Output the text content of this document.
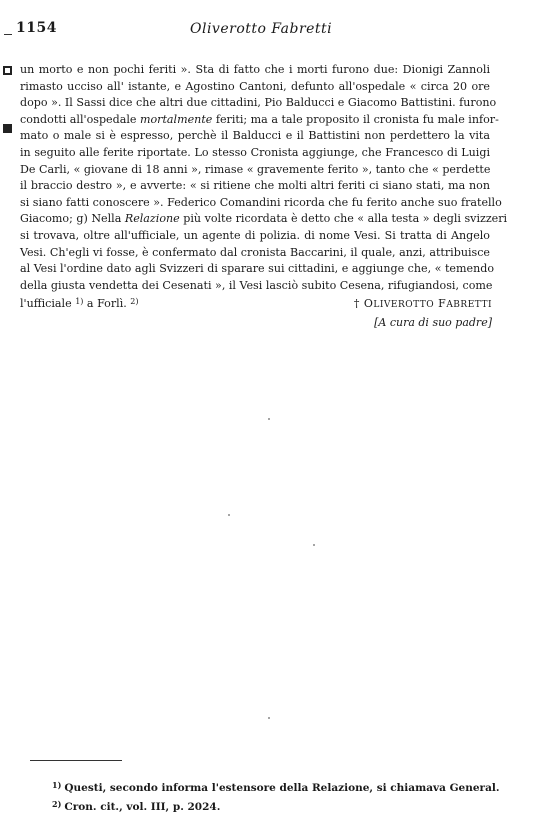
1154	Oliverotto Fabretti
un morto e non pochi feriti ». Sta di fatto che i morti furono due: Dionigi Zannoli
rimasto ucciso all' istante, e Agostino Cantoni, defunto all'ospedale « circa 20 ore
dopo ». Il Sassi dice che altri due cittadini, Pio Balducci e Giacomo Battistini. furono
condotti all'ospedale mortalmente feriti; ma a tale proposito il cronista fu male infor-
mato o male si è espresso, perchè il Balducci e il Battistini non perdettero la vita
in seguito alle ferite riportate. Lo stesso Cronista aggiunge, che Francesco di Luigi
De Carli, « giovane di 18 anni », rimase « gravemente ferito », tanto che « perdette
il braccio destro », e avverte: « si ritiene che molti altri feriti ci siano stati, ma non
si siano fatti conoscere ». Federico Comandini ricorda che fu ferito anche suo fratello
Giacomo; g) Nella Relazione più volte ricordata è detto che « alla testa » degli svizzeri
si trovava, oltre all'ufficiale, un agente di polizia. di nome Vesi. Si tratta di Angelo
Vesi. Ch'egli vi fosse, è confermato dal cronista Baccarini, il quale, anzi, attribuisce
al Vesi l'ordine dato agli Svizzeri di sparare sui cittadini, e aggiunge che, « temendo
della giusta vendetta dei Cesenati », il Vesi lasciò subito Cesena, rifugiandosi, come
l'ufficiale $^{1)}$ a Forlì. $^{2)}$	† OLIVEROTTO FABRETTI
[A cura di suo padre]
$^{1)}$ Questi, secondo informa l'estensore della Relazione, si chiamava General.
$^{2)}$ Cron. cit., vol. III, p. 2024.
